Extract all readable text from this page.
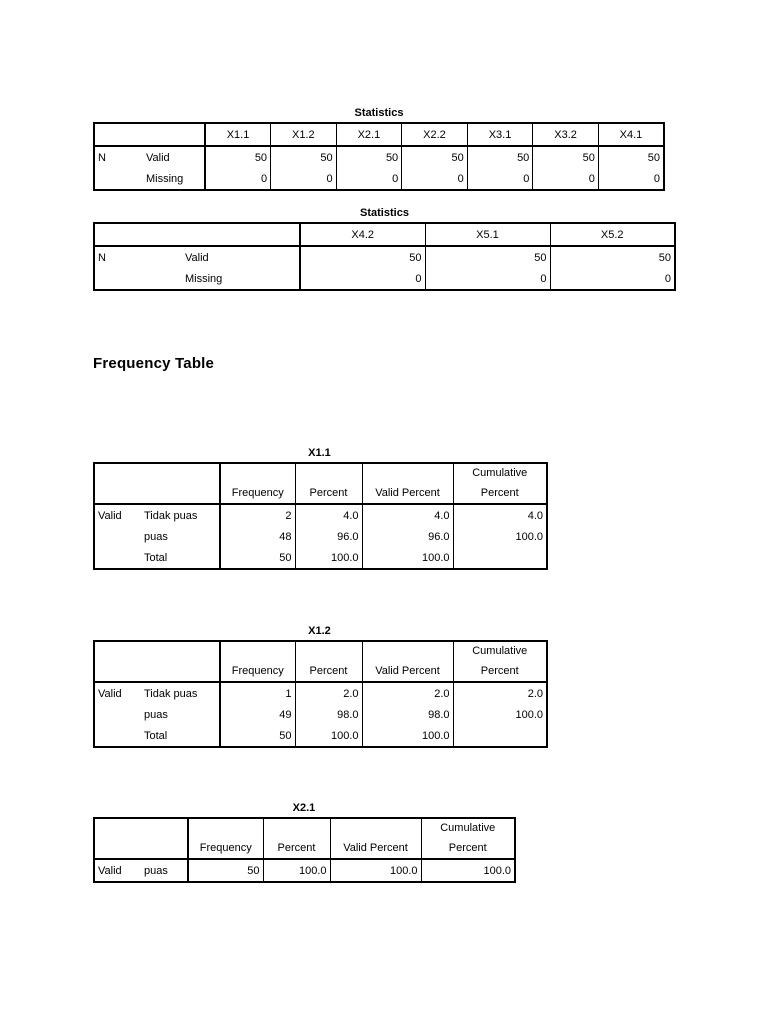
Statistics
		X1.1	X1.2	X2.1	X2.2	X3.1	X3.2	X4.1
N	Valid	50	50	50	50	50	50	50
	Missing	0	0	0	0	0	0	0
Statistics
		X4.2	X5.1	X5.2
N	Valid	50	50	50
	Missing	0	0	0
Frequency Table
X1.1
					Cumulative
		Frequency	Percent	Valid Percent	Percent
Valid	Tidak puas	2	4.0	4.0	4.0
	puas	48	96.0	96.0	100.0
	Total	50	100.0	100.0	
X1.2
					Cumulative
		Frequency	Percent	Valid Percent	Percent
Valid	Tidak puas	1	2.0	2.0	2.0
	puas	49	98.0	98.0	100.0
	Total	50	100.0	100.0	
X2.1
					Cumulative
		Frequency	Percent	Valid Percent	Percent
Valid	puas	50	100.0	100.0	100.0
